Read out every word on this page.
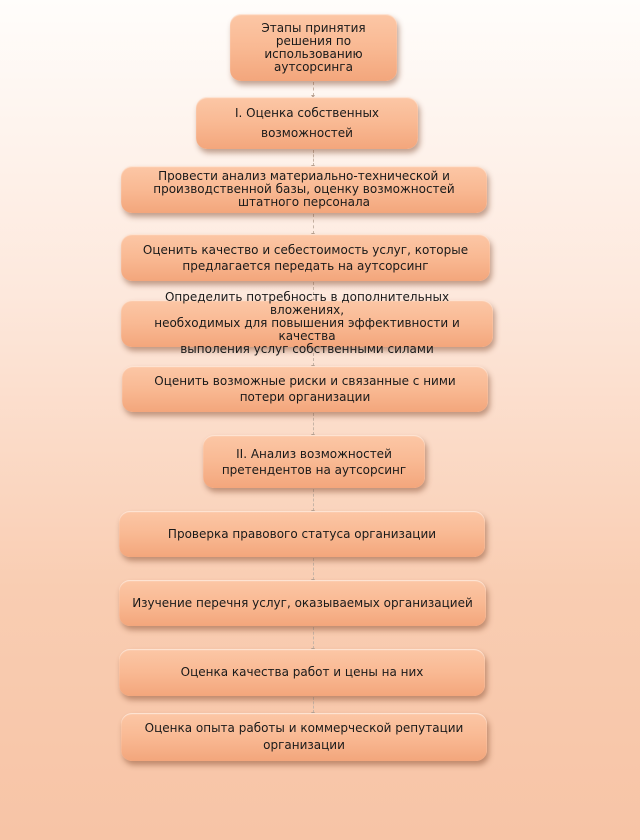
Этапы принятия
решения по
использованию
аутсорсинга
I. Оценка собственных
возможностей
Провести анализ материально-технической и
производственной базы, оценку возможностей
штатного персонала
Оценить качество и себестоимость услуг, которые
предлагается передать на аутсорсинг
Определить потребность в дополнительных вложениях,
необходимых для повышения эффективности и качества
выполения услуг собственными силами
Оценить возможные риски и связанные с ними
потери организации
II. Анализ возможностей
претендентов на аутсорсинг
Проверка правового статуса организации
Изучение перечня услуг, оказываемых организацией
Оценка качества работ и цены на них
Оценка опыта работы и коммерческой репутации
организации
